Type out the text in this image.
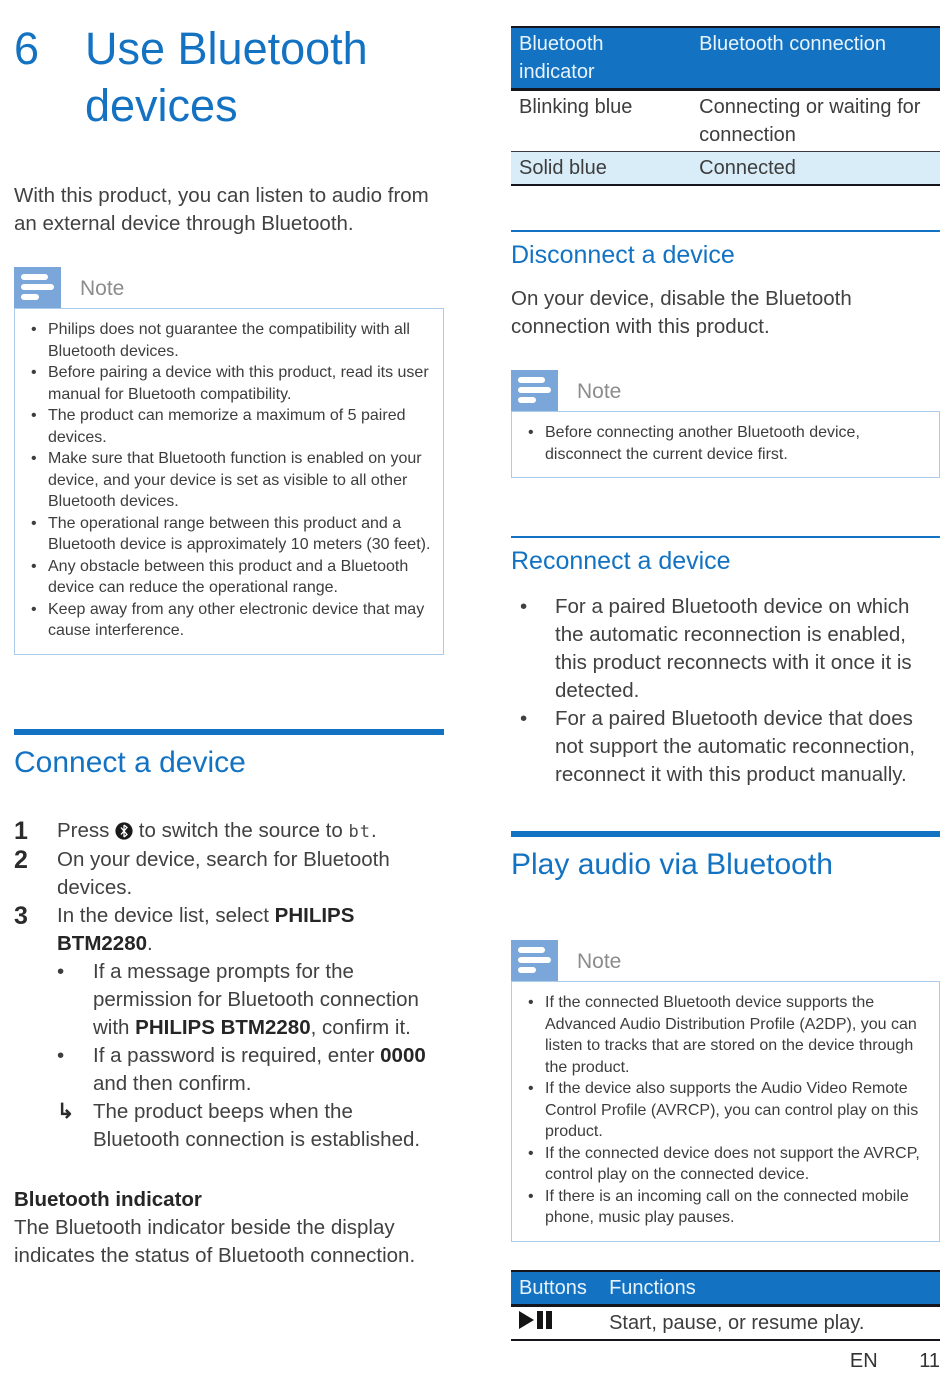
6	Use Bluetooth
devices

With this product, you can listen to audio from an external device through Bluetooth.

Note
• Philips does not guarantee the compatibility with all Bluetooth devices.
• Before pairing a device with this product, read its user manual for Bluetooth compatibility.
• The product can memorize a maximum of 5 paired devices.
• Make sure that Bluetooth function is enabled on your device, and your device is set as visible to all other Bluetooth devices.
• The operational range between this product and a Bluetooth device is approximately 10 meters (30 feet).
• Any obstacle between this product and a Bluetooth device can reduce the operational range.
• Keep away from any other electronic device that may cause interference.
Connect a device
1	Press  to switch the source to bt.
2	On your device, search for Bluetooth devices.
3	In the device list, select PHILIPS BTM2280.
•	If a message prompts for the permission for Bluetooth connection with PHILIPS BTM2280, confirm it.
•	If a password is required, enter 0000 and then confirm.
↳ The product beeps when the Bluetooth connection is established.
Bluetooth indicator

The Bluetooth indicator beside the display indicates the status of Bluetooth connection.

Bluetooth indicator	Bluetooth connection
Blinking blue	Connecting or waiting for connection
Solid blue	Connected
Disconnect a device

On your device, disable the Bluetooth connection with this product.

Note
• Before connecting another Bluetooth device, disconnect the current device first.
Reconnect a device
• For a paired Bluetooth device on which the automatic reconnection is enabled, this product reconnects with it once it is detected.
• For a paired Bluetooth device that does not support the automatic reconnection, reconnect it with this product manually.
Play audio via Bluetooth
Note
• If the connected Bluetooth device supports the Advanced Audio Distribution Profile (A2DP), you can listen to tracks that are stored on the device through the product.
• If the device also supports the Audio Video Remote Control Profile (AVRCP), you can control play on this product.
• If the connected device does not support the AVRCP, control play on the connected device.
• If there is an incoming call on the connected mobile phone, music play pauses.
Buttons	Functions

	Start, pause, or resume play.
EN 11
